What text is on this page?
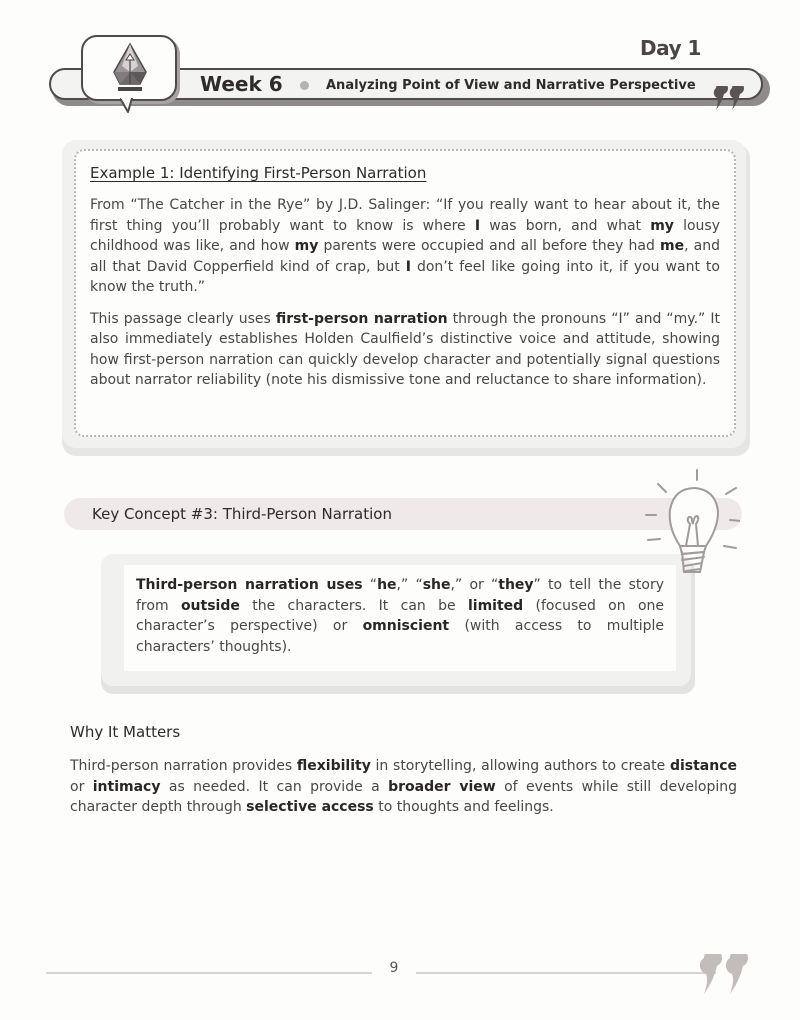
Day 1
Week 6	Analyzing Point of View and Narrative Perspective
Example 1: Identifying First-Person Narration

From “The Catcher in the Rye” by J.D. Salinger: “If you really want to hear about it, the first thing you’ll probably want to know is where I was born, and what my lousy childhood was like, and how my parents were occupied and all before they had me, and all that David Copperfield kind of crap, but I don’t feel like going into it, if you want to know the truth.”

This passage clearly uses first-person narration through the pronouns “I” and “my.” It also immediately establishes Holden Caulfield’s distinctive voice and attitude, showing how first-person narration can quickly develop character and potentially signal questions about narrator reliability (note his dismissive tone and reluctance to share information).

Key Concept #3: Third-Person Narration

Third-person narration uses “he,” “she,” or “they” to tell the story from outside the characters. It can be limited (focused on one character’s perspective) or omniscient (with access to multiple characters’ thoughts).

Why It Matters

Third-person narration provides flexibility in storytelling, allowing authors to create distance or intimacy as needed. It can provide a broader view of events while still developing character depth through selective access to thoughts and feelings.

9
